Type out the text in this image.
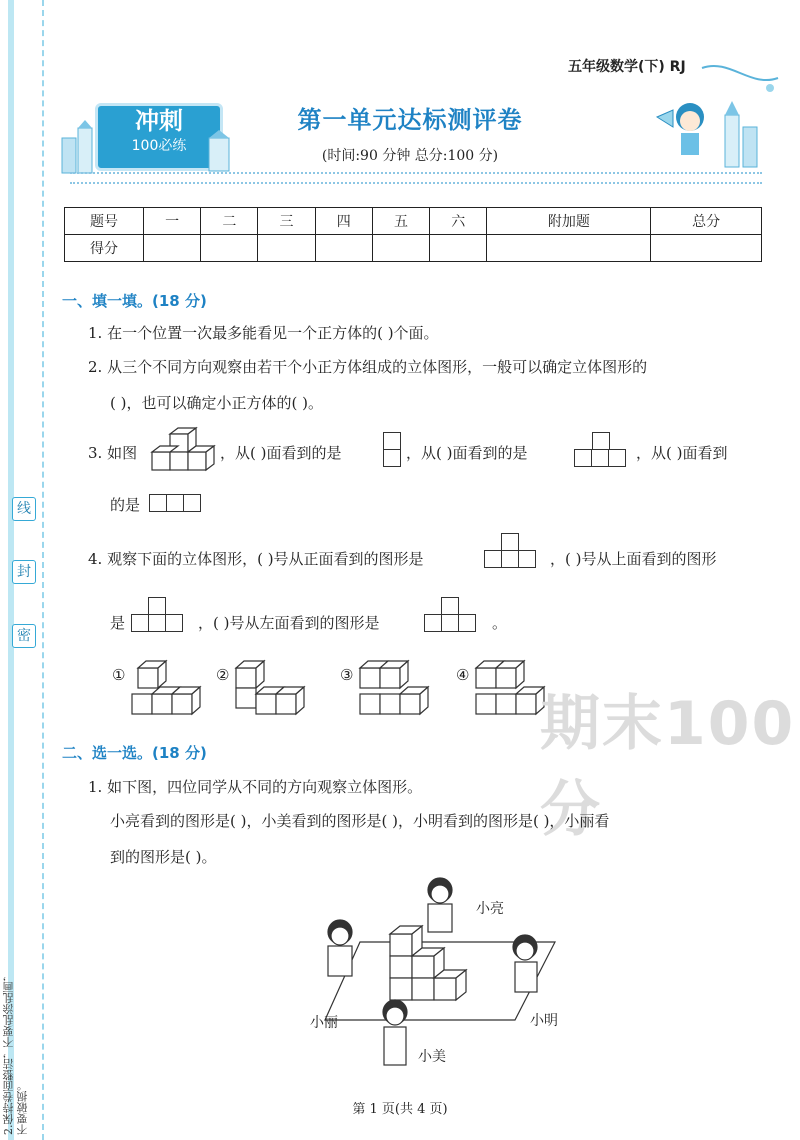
线
封
密
2.保持卷面整洁，不要乱涂乱画，不要破损。
冲刺
100必练
五年级数学(下) RJ
第一单元达标测评卷
(时间:90 分钟 总分:100 分)
题号	一	二	三	四	五	六	附加题	总分
得分								
一、填一填。(18 分)
1. 在一个位置一次最多能看见一个正方体的( )个面。
2. 从三个不同方向观察由若干个小正方体组成的立体图形，一般可以确定立体图形的
( )，也可以确定小正方体的( )。
3. 如图	，从( )面看到的是	，从( )面看到的是	，从( )面看到
的是
4. 观察下面的立体图形，( )号从正面看到的图形是	，( )号从上面看到的图形
是	，( )号从左面看到的图形是	。
①	②	③	④
期末100分
二、选一选。(18 分)
1. 如下图，四位同学从不同的方向观察立体图形。
小亮看到的图形是( )，小美看到的图形是( )，小明看到的图形是( )，小丽看
到的图形是( )。
小亮
小丽	小明
小美
第 1 页(共 4 页)
